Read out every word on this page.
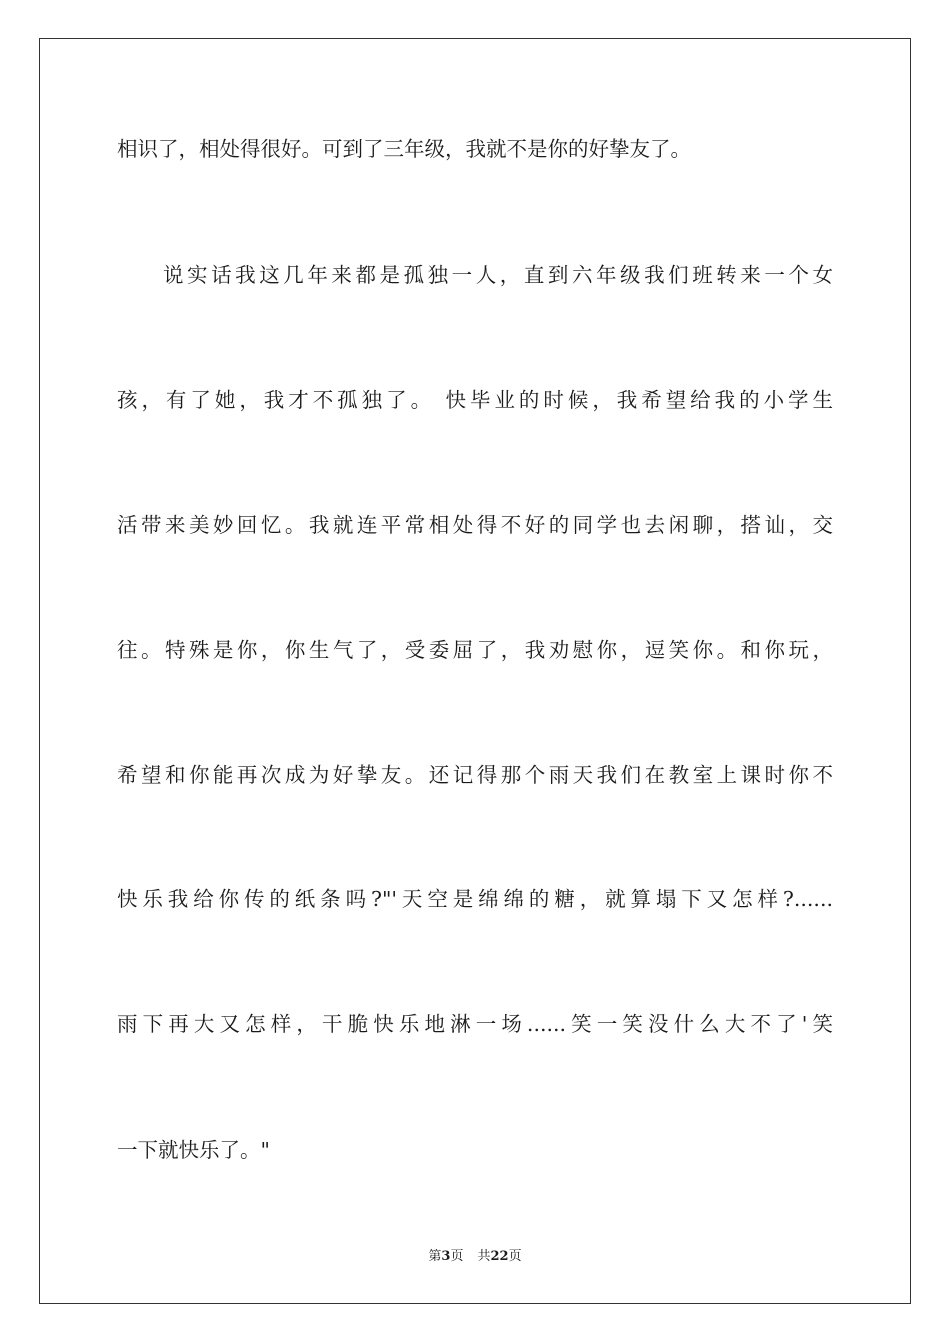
相识了，相处得很好。可到了三年级，我就不是你的好挚友了。
说实话我这几年来都是孤独一人，直到六年级我们班转来一个女
孩，有了她，我才不孤独了。 快毕业的时候，我希望给我的小学生
活带来美妙回忆。我就连平常相处得不好的同学也去闲聊，搭讪，交
往。特殊是你，你生气了，受委屈了，我劝慰你，逗笑你。和你玩，
希望和你能再次成为好挚友。还记得那个雨天我们在教室上课时你不
快乐我给你传的纸条吗?"'天空是绵绵的糖，就算塌下又怎样?......
雨下再大又怎样，干脆快乐地淋一场......笑一笑没什么大不了'笑
一下就快乐了。"
第3页 共22页
